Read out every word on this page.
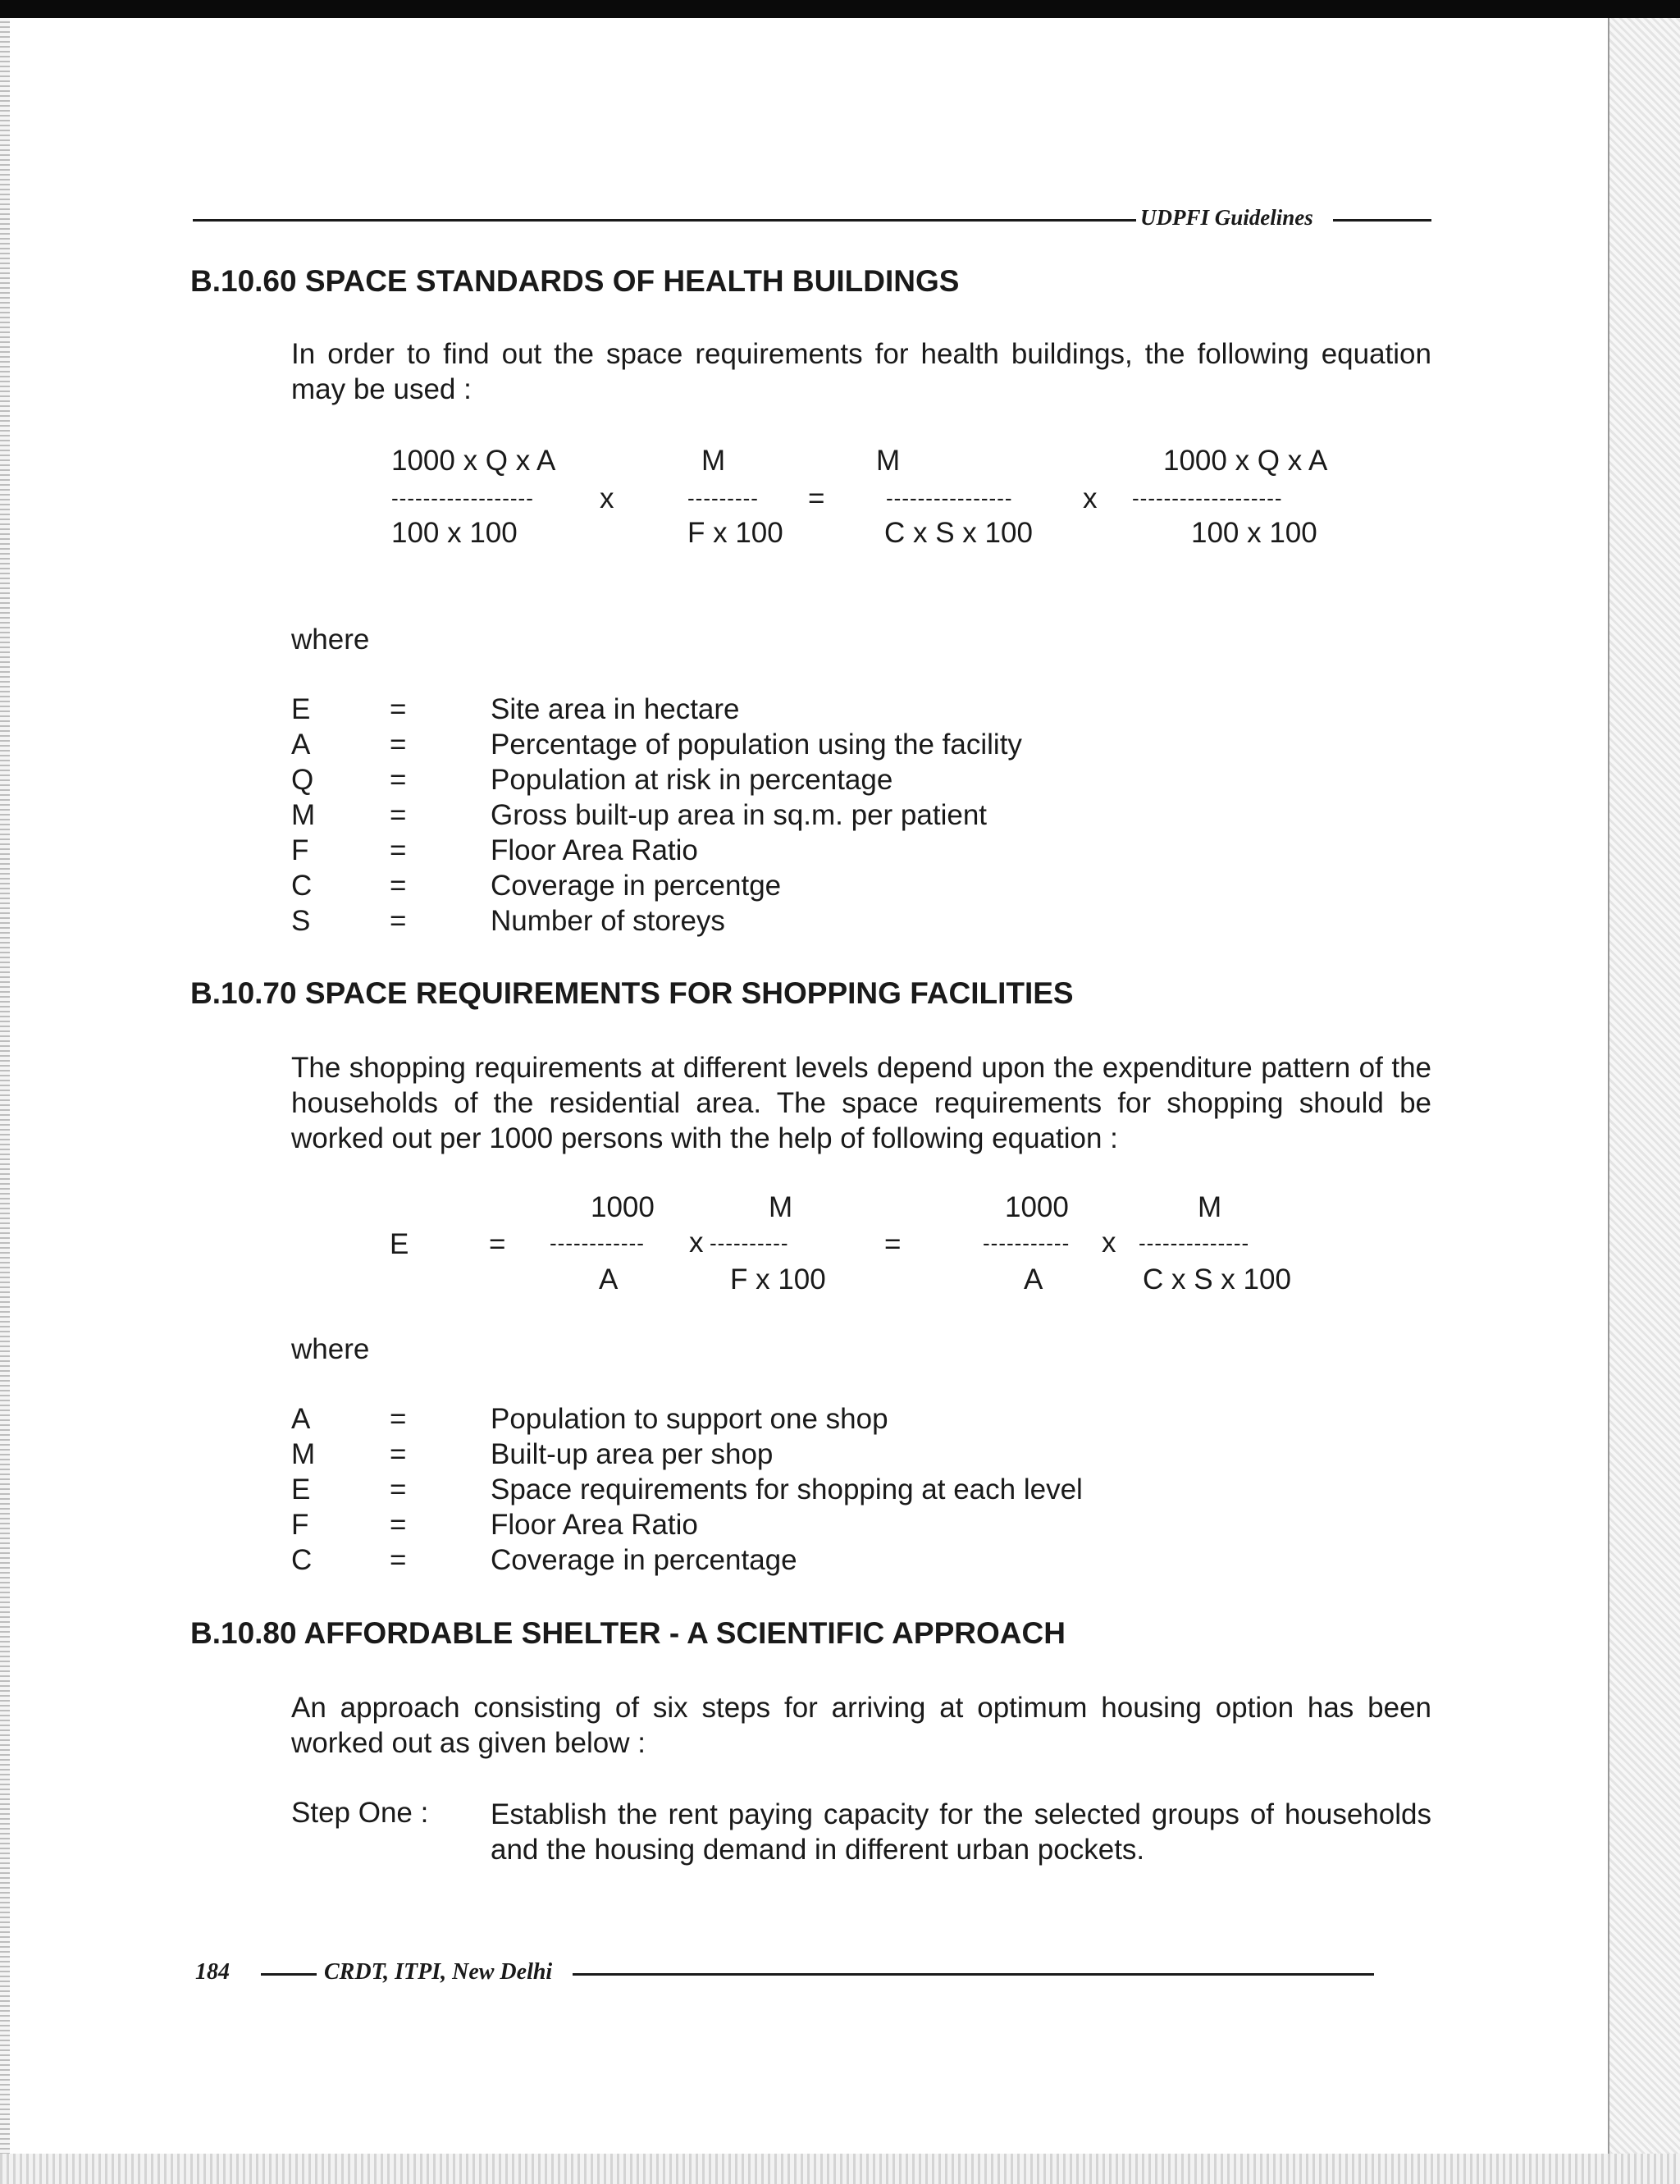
UDPFI Guidelines
B.10.60 SPACE STANDARDS OF HEALTH BUILDINGS

In order to find out the space requirements for health buildings, the following equation may be used :

1000 x Q x A
------------------
100 x 100
x
M
---------
F x 100
=
M
----------------
C x S x 100
x
1000 x Q x A
-------------------
100 x 100
where
E	=	Site area in hectare
A	=	Percentage of population using the facility
Q	=	Population at risk in percentage
M	=	Gross built-up area in sq.m. per patient
F	=	Floor Area Ratio
C	=	Coverage in percentge
S	=	Number of storeys
B.10.70 SPACE REQUIREMENTS FOR SHOPPING FACILITIES

The shopping requirements at different levels depend upon the expenditure pattern of the households of the residential area. The space requirements for shopping should be worked out per 1000 persons with the help of following equation :

E	=
1000
------------
A
x
M
----------
F x 100
=
1000
-----------
A
x
M
--------------
C x S x 100
where
A	=	Population to support one shop
M	=	Built-up area per shop
E	=	Space requirements for shopping at each level
F	=	Floor Area Ratio
C	=	Coverage in percentage
B.10.80 AFFORDABLE SHELTER - A SCIENTIFIC APPROACH

An approach consisting of six steps for arriving at optimum housing option has been worked out as given below :

Step One : Establish the rent paying capacity for the selected groups of households and the housing demand in different urban pockets.
184	CRDT, ITPI, New Delhi
